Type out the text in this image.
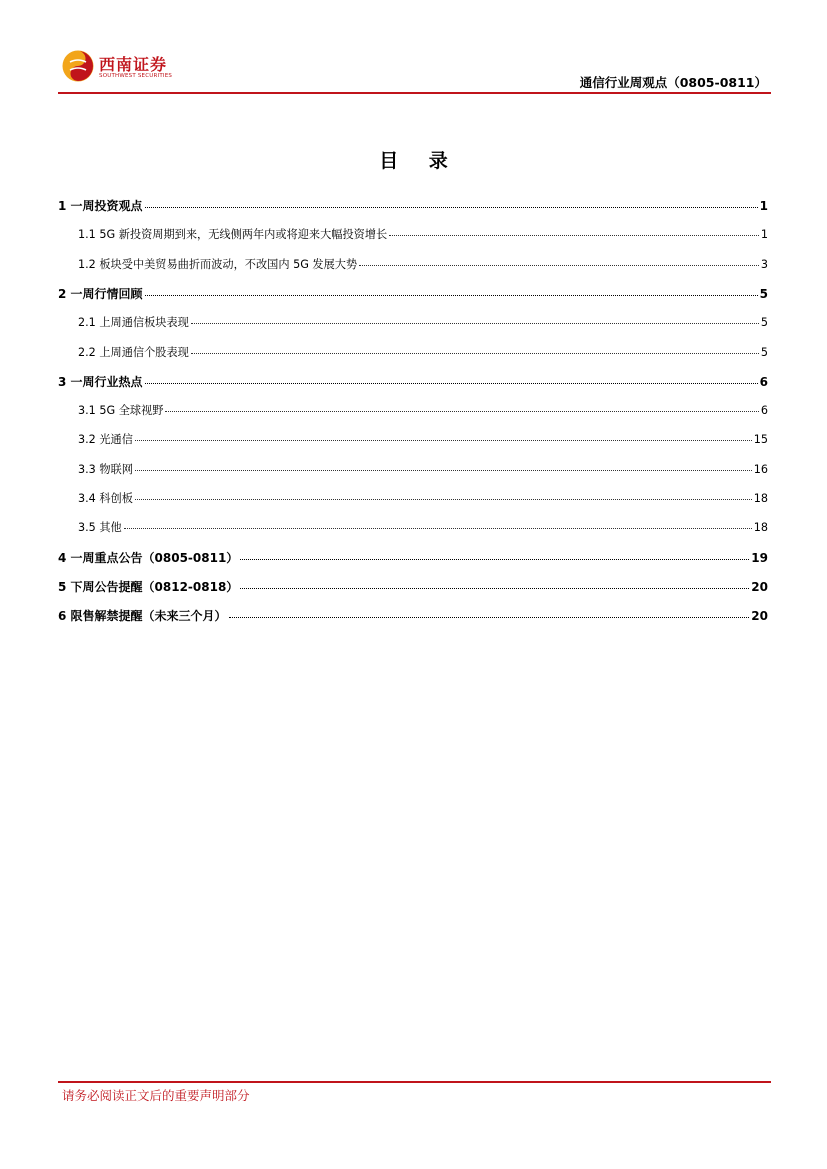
西南证券
SOUTHWEST SECURITIES	通信行业周观点（0805-0811）
目 录
1 一周投资观点	1
1.1 5G 新投资周期到来，无线侧两年内或将迎来大幅投资增长	1
1.2 板块受中美贸易曲折而波动，不改国内 5G 发展大势	3
2 一周行情回顾	5
2.1 上周通信板块表现	5
2.2 上周通信个股表现	5
3 一周行业热点	6
3.1 5G 全球视野	6
3.2 光通信	15
3.3 物联网	16
3.4 科创板	18
3.5 其他	18
4 一周重点公告（0805-0811）	19
5 下周公告提醒（0812-0818）	20
6 限售解禁提醒（未来三个月）	20
请务必阅读正文后的重要声明部分
